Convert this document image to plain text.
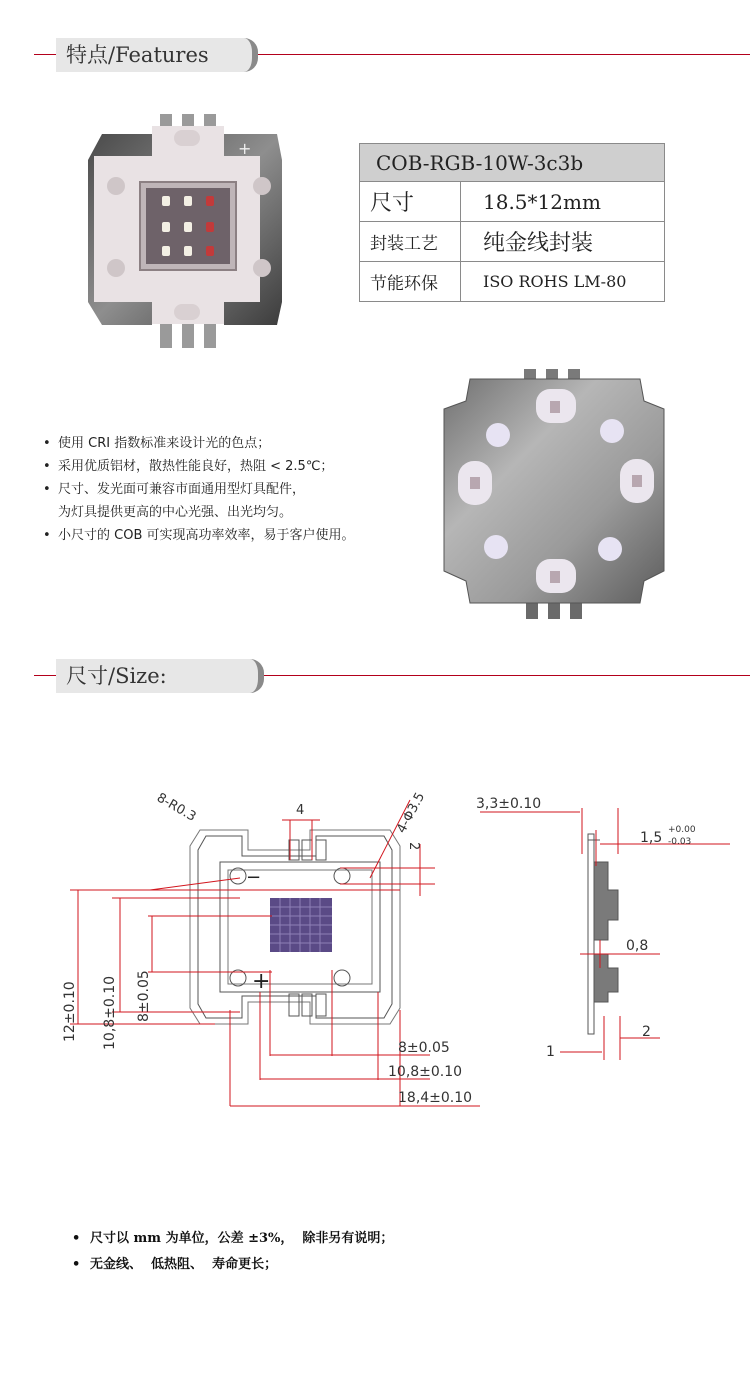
特点/Features
+
COB-RGB-10W-3c3b	
尺寸	18.5*12mm
封装工艺	纯金线封装
节能环保	ISO ROHS LM-80
• 使用 CRI 指数标准来设计光的色点；
• 采用优质铝材，散热性能良好，热阻 < 2.5℃；
• 尺寸、发光面可兼容市面通用型灯具配件，
为灯具提供更高的中心光强、出光均匀。
• 小尺寸的 COB 可实现高功率效率，易于客户使用。
尺寸/Size:
−
+
12±0.10 10,8±0.10 8±0.05
8-R0.3	4-Φ3.5
4
2
8±0.05
10,8±0.10
18,4±0.10
3,3±0.10
1,5 +0.00
-0.03
0,8
2
1
• 尺寸以 mm 为单位，公差 ±3%，  除非另有说明；
• 无金线、  低热阻、  寿命更长；
